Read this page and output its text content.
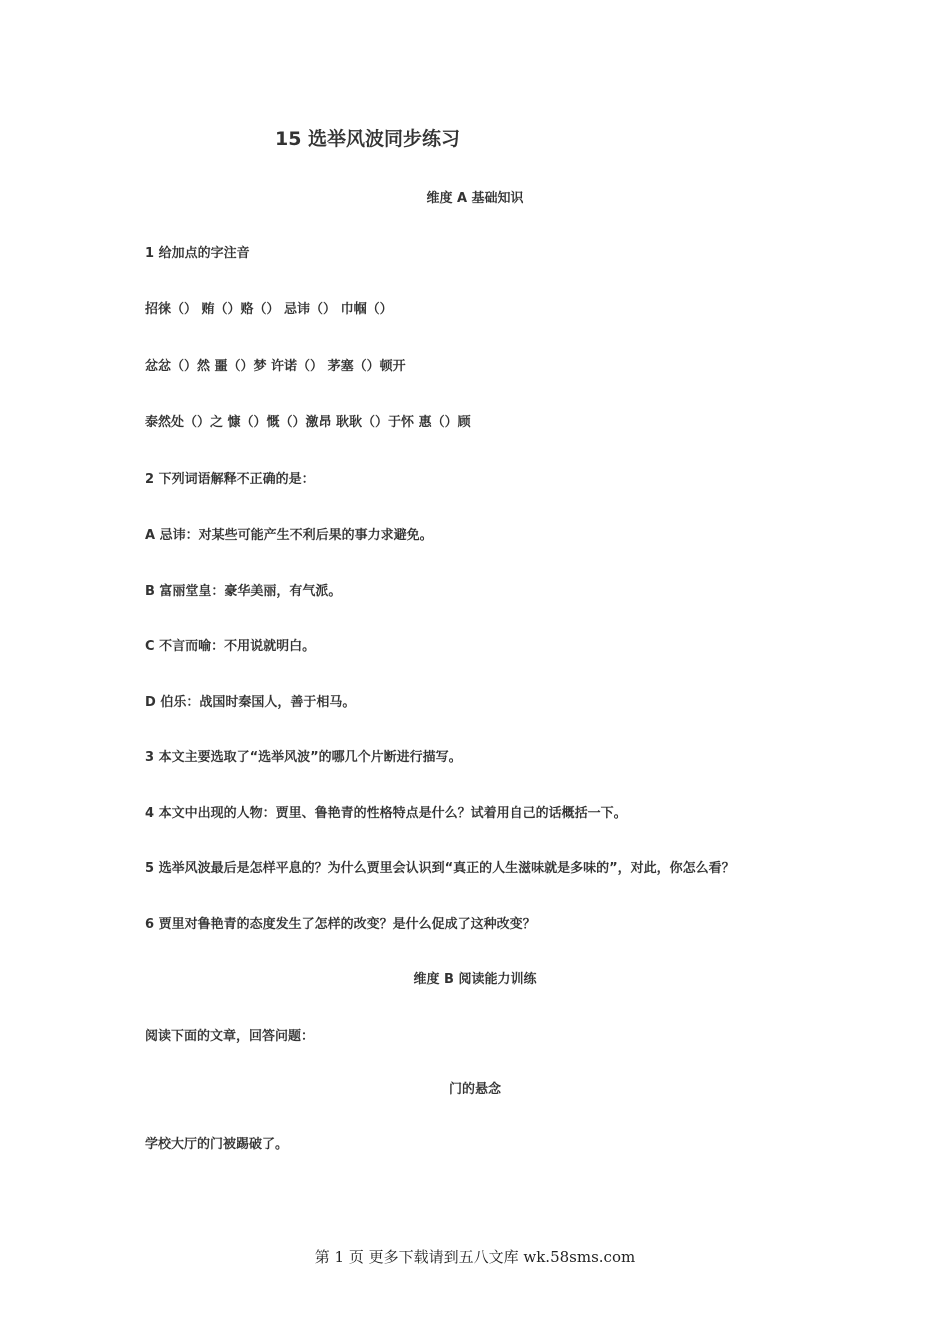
15 选举风波同步练习
维度 A 基础知识
1 给加点的字注音
招徕（） 贿（）赂（） 忌讳（） 巾帼（）
忿忿（）然 噩（）梦 许诺（） 茅塞（）顿开
泰然处（）之 慷（）慨（）激昂 耿耿（）于怀 惠（）顾
2 下列词语解释不正确的是：
A 忌讳：对某些可能产生不利后果的事力求避免。
B 富丽堂皇：豪华美丽，有气派。
C 不言而喻：不用说就明白。
D 伯乐：战国时秦国人，善于相马。
3 本文主要选取了“选举风波”的哪几个片断进行描写。
4 本文中出现的人物：贾里、鲁艳青的性格特点是什么？试着用自己的话概括一下。
5 选举风波最后是怎样平息的？为什么贾里会认识到“真正的人生滋味就是多味的”，对此，你怎么看？
6 贾里对鲁艳青的态度发生了怎样的改变？是什么促成了这种改变？
维度 B 阅读能力训练
阅读下面的文章，回答问题：
门的悬念
学校大厅的门被踢破了。
第 1 页 更多下载请到五八文库 wk.58sms.com
